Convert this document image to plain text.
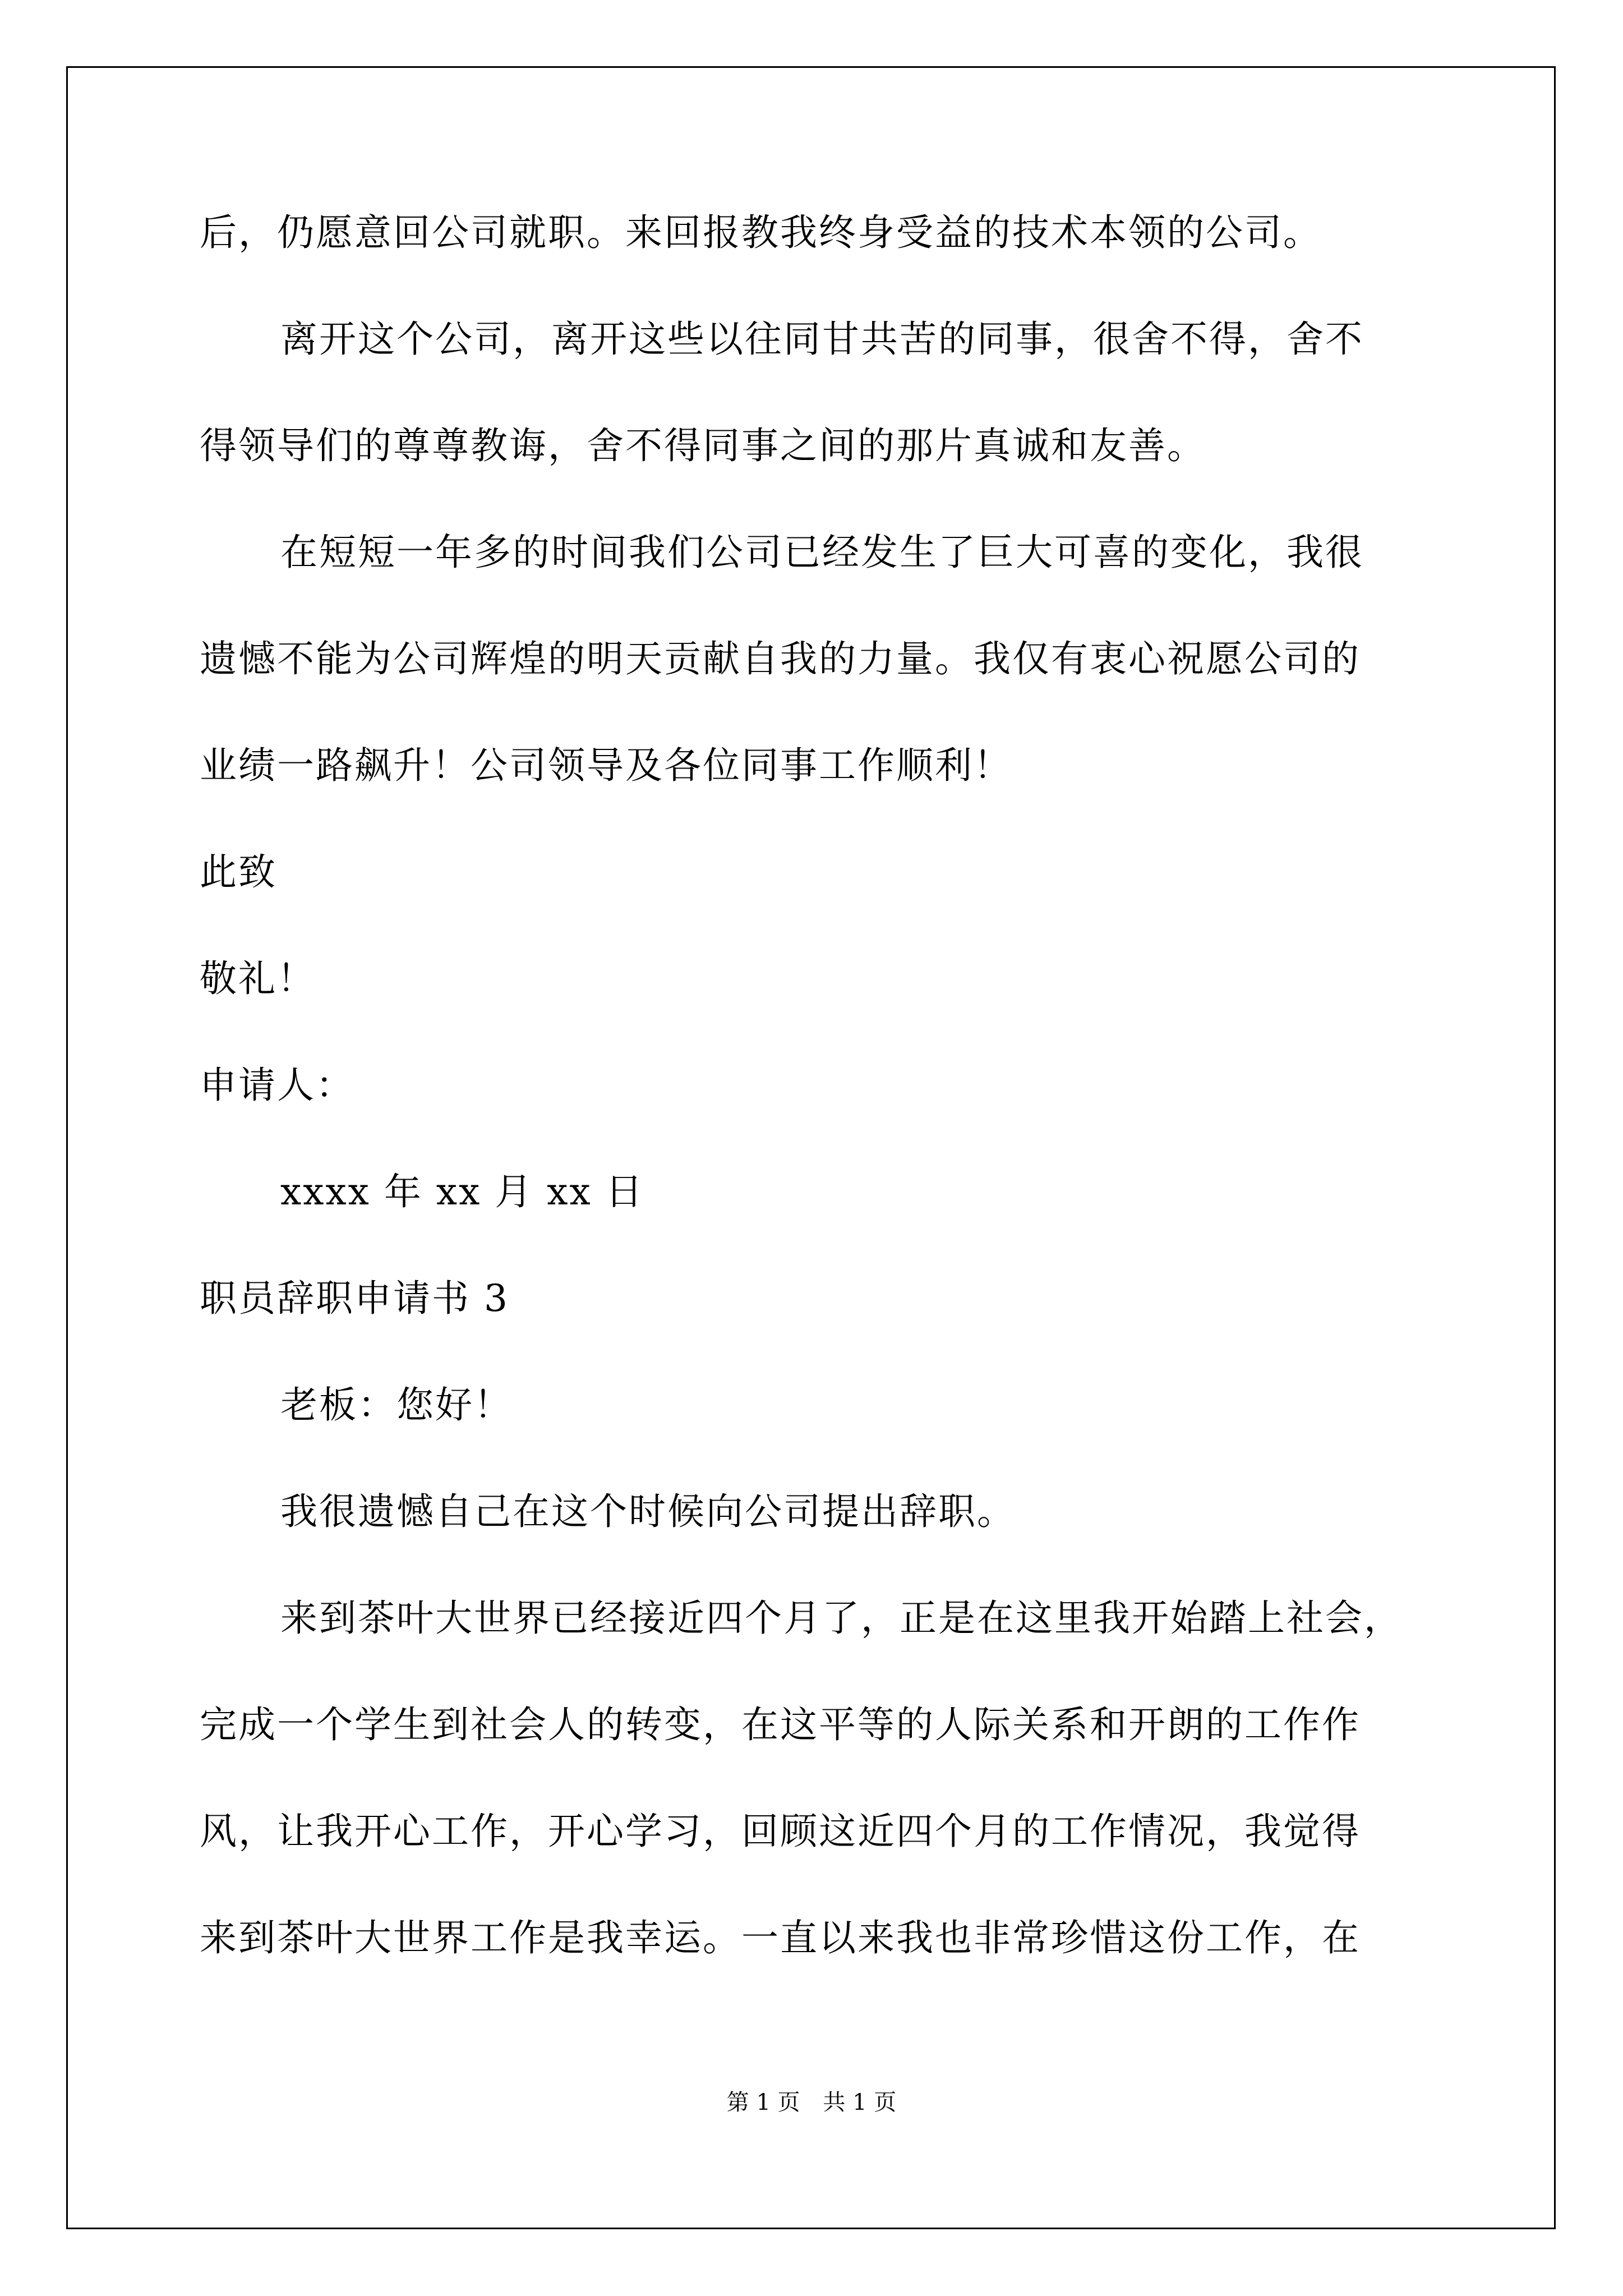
后，仍愿意回公司就职。来回报教我终身受益的技术本领的公司。
离开这个公司，离开这些以往同甘共苦的同事，很舍不得，舍不
得领导们的尊尊教诲，舍不得同事之间的那片真诚和友善。
在短短一年多的时间我们公司已经发生了巨大可喜的变化，我很
遗憾不能为公司辉煌的明天贡献自我的力量。我仅有衷心祝愿公司的
业绩一路飙升！公司领导及各位同事工作顺利！
此致
敬礼！
申请人：
xxxx 年 xx 月 xx 日
职员辞职申请书 3
老板：您好！
我很遗憾自己在这个时候向公司提出辞职。
来到茶叶大世界已经接近四个月了，正是在这里我开始踏上社会，
完成一个学生到社会人的转变，在这平等的人际关系和开朗的工作作
风，让我开心工作，开心学习，回顾这近四个月的工作情况，我觉得
来到茶叶大世界工作是我幸运。一直以来我也非常珍惜这份工作，在
第 1 页 共 1 页
